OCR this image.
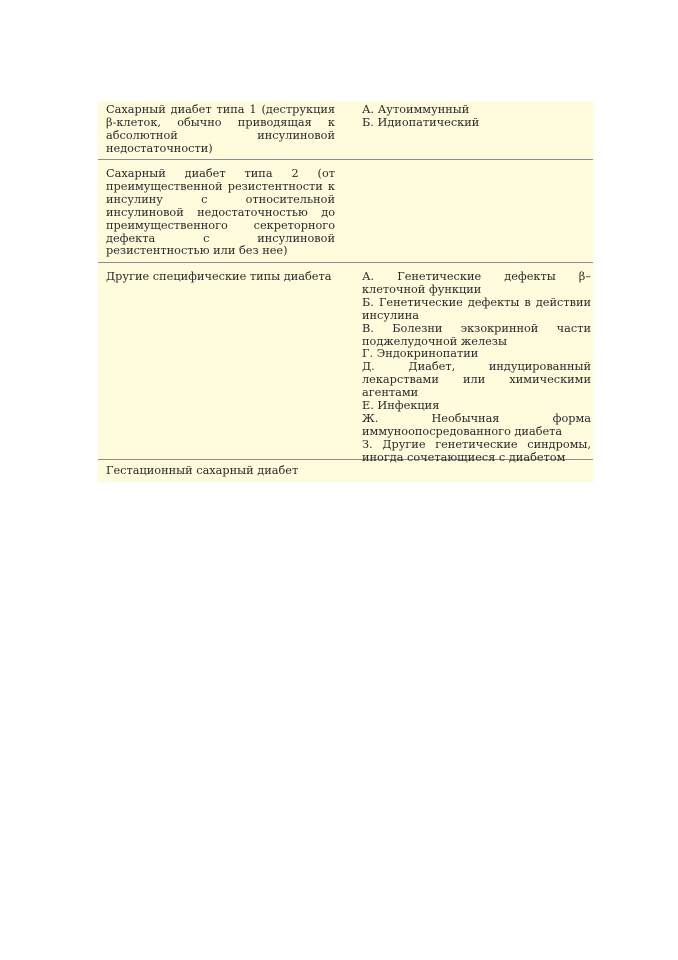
Сахарный диабет типа 1 (деструкция β-клеток, обычно приводящая к абсолютной инсулиновой недостаточности)
А. Аутоиммунный
Б. Идиопатический
Сахарный диабет типа 2 (от преимущественной резистентности к инсулину с относительной инсулиновой недостаточностью до преимущественного секреторного дефекта с инсулиновой резистентностью или без нее)
Другие специфические типы диабета	А. Генетические дефекты β–клеточной функции
Б. Генетические дефекты в действии инсулина
В. Болезни экзокринной части поджелудочной железы
Г. Эндокринопатии
Д. Диабет, индуцированный лекарствами или химическими агентами
Е. Инфекция
Ж. Необычная форма иммуноопосредованного диабета
З. Другие генетические синдромы, иногда сочетающиеся с диабетом
Гестационный сахарный диабет
